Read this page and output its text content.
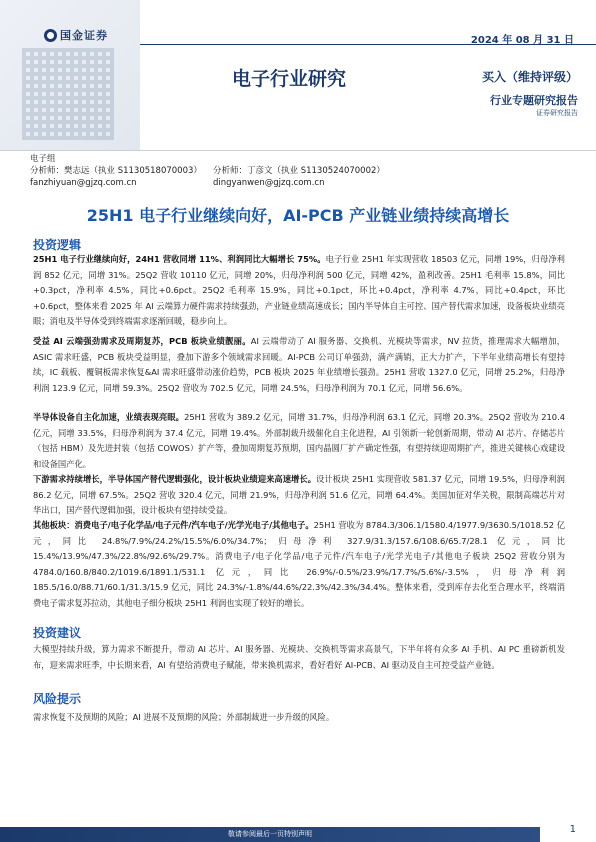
国金证券	2024 年 08 月 31 日
电子行业研究	买入（维持评级）
行业专题研究报告
证券研究报告
电子组
分析师：樊志远（执业 S1130518070003）	分析师：丁彦文（执业 S1130524070002）
fanzhiyuan@gjzq.com.cn	dingyanwen@gjzq.com.cn
25H1 电子行业继续向好，AI-PCB 产业链业绩持续高增长
投资逻辑
25H1 电子行业继续向好，24H1 营收同增 11%、利润同比大幅增长 75%。电子行业 25H1 年实现营收 18503 亿元，同增 19%，归母净利润 852 亿元，同增 31%。25Q2 营收 10110 亿元，同增 20%，归母净利润 500 亿元，同增 42%，盈利改善。25H1 毛利率 15.8%，同比+0.3pct，净利率 4.5%，同比+0.6pct。25Q2 毛利率 15.9%，同比+0.1pct，环比+0.4pct，净利率 4.7%，同比+0.4pct，环比+0.6pct，整体来看 2025 年 AI 云端算力硬件需求持续强劲，产业链业绩高速成长；国内半导体自主可控、国产替代需求加速，设备板块业绩亮眼；消电及半导体受到终端需求逐渐回暖，稳步向上。
受益 AI 云端强劲需求及周期复苏，PCB 板块业绩靓丽。AI 云端带动了 AI 服务器、交换机、光模块等需求，NV 拉货，推理需求大幅增加，ASIC 需求旺盛，PCB 板块受益明显，叠加下游多个领域需求回暖。AI-PCB 公司订单强劲，满产满销，正大力扩产，下半年业绩高增长有望持续，IC 载板、覆铜板需求恢复&AI 需求旺盛带动涨价趋势，PCB 板块 2025 年业绩增长强劲。25H1 营收 1327.0 亿元，同增 25.2%，归母净利润 123.9 亿元，同增 59.3%。25Q2 营收为 702.5 亿元，同增 24.5%，归母净利润为 70.1 亿元，同增 56.6%。
半导体设备自主化加速，业绩表现亮眼。25H1 营收为 389.2 亿元，同增 31.7%，归母净利润 63.1 亿元，同增 20.3%。25Q2 营收为 210.4 亿元，同增 33.5%，归母净利润为 37.4 亿元，同增 19.4%。外部制裁升级催化自主化进程，AI 引领新一轮创新周期，带动 AI 芯片、存储芯片（包括 HBM）及先进封装（包括 COWOS）扩产等，叠加周期复苏预期，国内晶圆厂扩产确定性强，有望持续迎周期扩产，推进关键核心戏建设和设备国产化。
下游需求持续增长，半导体国产替代逻辑强化，设计板块业绩迎来高速增长。设计板块 25H1 实现营收 581.37 亿元，同增 19.5%，归母净利润 86.2 亿元，同增 67.5%。25Q2 营收 320.4 亿元，同增 21.9%，归母净利润 51.6 亿元，同增 64.4%。美国加征对华关税，限制高端芯片对华出口，国产替代逻辑加强，设计板块有望持续受益。
其他板块：消费电子/电子化学品/电子元件/汽车电子/光学光电子/其他电子。25H1 营收为 8784.3/306.1/1580.4/1977.9/3630.5/1018.52 亿元，同比 24.8%/7.9%/24.2%/15.5%/6.0%/34.7%；归母净利 327.9/31.3/157.6/108.6/65.7/28.1 亿元，同比 15.4%/13.9%/47.3%/22.8%/92.6%/29.7%。消费电子/电子化学品/电子元件/汽车电子/光学光电子/其他电子板块 25Q2 营收分别为 4784.0/160.8/840.2/1019.6/1891.1/531.1 亿元，同比 26.9%/-0.5%/23.9%/17.7%/5.6%/-3.5%，归母净利润 185.5/16.0/88.71/60.1/31.3/15.9 亿元，同比 24.3%/-1.8%/44.6%/22.3%/42.3%/34.4%。整体来看，受到库存去化至合理水平，终端消费电子需求复苏拉动，其他电子细分板块 25H1 利润也实现了较好的增长。
投资建议
大模型持续升级，算力需求不断提升，带动 AI 芯片、AI 服务器、光模块、交换机等需求高景气，下半年将有众多 AI 手机、AI PC 重磅新机发布，迎来需求旺季，中长期来看，AI 有望给消费电子赋能，带来换机需求，看好看好 AI-PCB、AI 驱动及自主可控受益产业链。
风险提示
需求恢复不及预期的风险；AI 进展不及预期的风险；外部制裁进一步升级的风险。
敬请参阅最后一页特别声明	1
